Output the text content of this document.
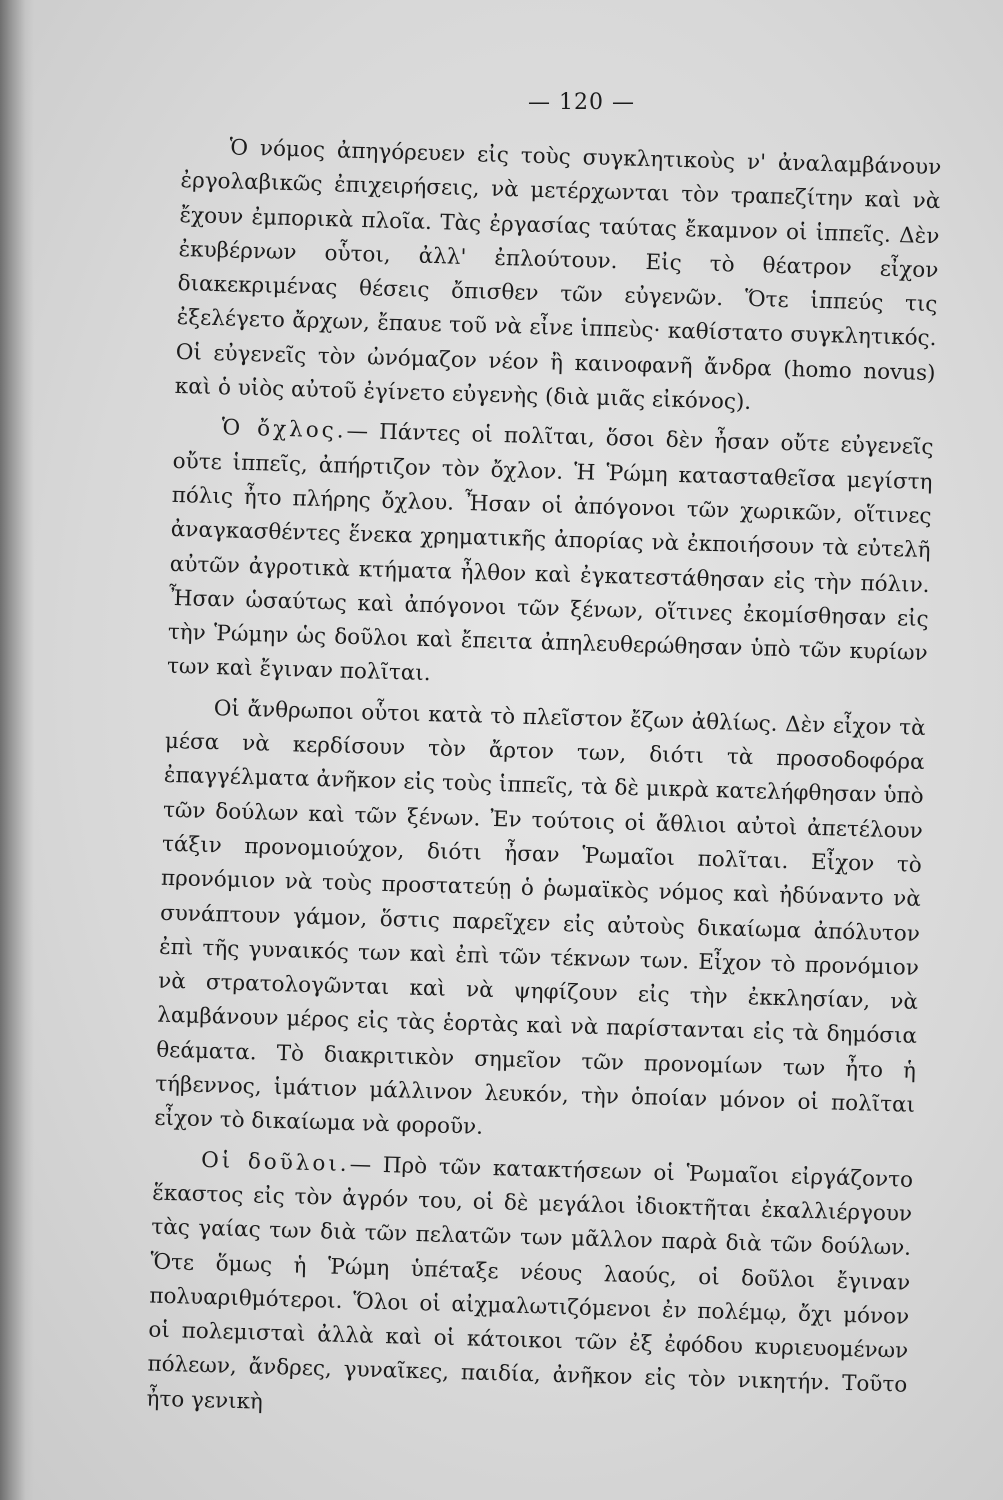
— 120 —

Ὁ νόμος ἀπηγόρευεν εἰς τοὺς συγκλητικοὺς ν' ἀναλαμβάνουν ἐργολαβικῶς ἐπιχειρήσεις, νὰ μετέρχωνται τὸν τραπεζίτην καὶ νὰ ἔχουν ἐμπορικὰ πλοῖα. Τὰς ἐργασίας ταύτας ἔκαμνον οἱ ἱππεῖς. Δὲν ἐκυβέρνων οὗτοι, ἀλλ' ἐπλούτουν. Εἰς τὸ θέατρον εἶχον διακεκριμένας θέσεις ὄπισθεν τῶν εὐγενῶν. Ὅτε ἱππεύς τις ἐξελέγετο ἄρχων, ἔπαυε τοῦ νὰ εἶνε ἱππεὺς· καθίστατο συγκλητικός. Οἱ εὐγενεῖς τὸν ὠνόμαζον νέον ἢ καινοφανῆ ἄνδρα (homo novus) καὶ ὁ υἱὸς αὐτοῦ ἐγίνετο εὐγενὴς (διὰ μιᾶς εἰκόνος).

Ὁ ὄχλος.— Πάντες οἱ πολῖται, ὅσοι δὲν ἦσαν οὔτε εὐγενεῖς οὔτε ἱππεῖς, ἀπήρτιζον τὸν ὄχλον. Ἡ Ῥώμη κατασταθεῖσα μεγίστη πόλις ἦτο πλήρης ὄχλου. Ἦσαν οἱ ἀπόγονοι τῶν χωρικῶν, οἵτινες ἀναγκασθέντες ἕνεκα χρηματικῆς ἀπορίας νὰ ἐκποιήσουν τὰ εὐτελῆ αὐτῶν ἀγροτικὰ κτήματα ἦλθον καὶ ἐγκατεστάθησαν εἰς τὴν πόλιν. Ἦσαν ὡσαύτως καὶ ἀπόγονοι τῶν ξένων, οἵτινες ἐκομίσθησαν εἰς τὴν Ῥώμην ὡς δοῦλοι καὶ ἔπειτα ἀπηλευθερώθησαν ὑπὸ τῶν κυρίων των καὶ ἔγιναν πολῖται.

Οἱ ἄνθρωποι οὗτοι κατὰ τὸ πλεῖστον ἔζων ἀθλίως. Δὲν εἶχον τὰ μέσα νὰ κερδίσουν τὸν ἄρτον των, διότι τὰ προσοδοφόρα ἐπαγγέλματα ἀνῆκον εἰς τοὺς ἱππεῖς, τὰ δὲ μικρὰ κατελήφθησαν ὑπὸ τῶν δούλων καὶ τῶν ξένων. Ἐν τούτοις οἱ ἄθλιοι αὐτοὶ ἀπετέλουν τάξιν προνομιούχον, διότι ἦσαν Ῥωμαῖοι πολῖται. Εἶχον τὸ προνόμιον νὰ τοὺς προστατεύῃ ὁ ῥωμαϊκὸς νόμος καὶ ἠδύναντο νὰ συνάπτουν γάμον, ὅστις παρεῖχεν εἰς αὐτοὺς δικαίωμα ἀπόλυτον ἐπὶ τῆς γυναικός των καὶ ἐπὶ τῶν τέκνων των. Εἶχον τὸ προνόμιον νὰ στρατολογῶνται καὶ νὰ ψηφίζουν εἰς τὴν ἐκκλησίαν, νὰ λαμβάνουν μέρος εἰς τὰς ἑορτὰς καὶ νὰ παρίστανται εἰς τὰ δημόσια θεάματα. Τὸ διακριτικὸν σημεῖον τῶν προνομίων των ἦτο ἡ τήβεννος, ἱμάτιον μάλλινον λευκόν, τὴν ὁποίαν μόνον οἱ πολῖται εἶχον τὸ δικαίωμα νὰ φοροῦν.

Οἱ δοῦλοι.— Πρὸ τῶν κατακτήσεων οἱ Ῥωμαῖοι εἰργάζοντο ἕκαστος εἰς τὸν ἀγρόν του, οἱ δὲ μεγάλοι ἰδιοκτῆται ἐκαλλιέργουν τὰς γαίας των διὰ τῶν πελατῶν των μᾶλλον παρὰ διὰ τῶν δούλων. Ὅτε ὅμως ἡ Ῥώμη ὑπέταξε νέους λαούς, οἱ δοῦλοι ἔγιναν πολυαριθμότεροι. Ὅλοι οἱ αἰχμαλωτιζόμενοι ἐν πολέμῳ, ὄχι μόνον οἱ πολεμισταὶ ἀλλὰ καὶ οἱ κάτοικοι τῶν ἐξ ἐφόδου κυριευομένων πόλεων, ἄνδρες, γυναῖκες, παιδία, ἀνῆκον εἰς τὸν νικητήν. Τοῦτο ἦτο γενικὴ
